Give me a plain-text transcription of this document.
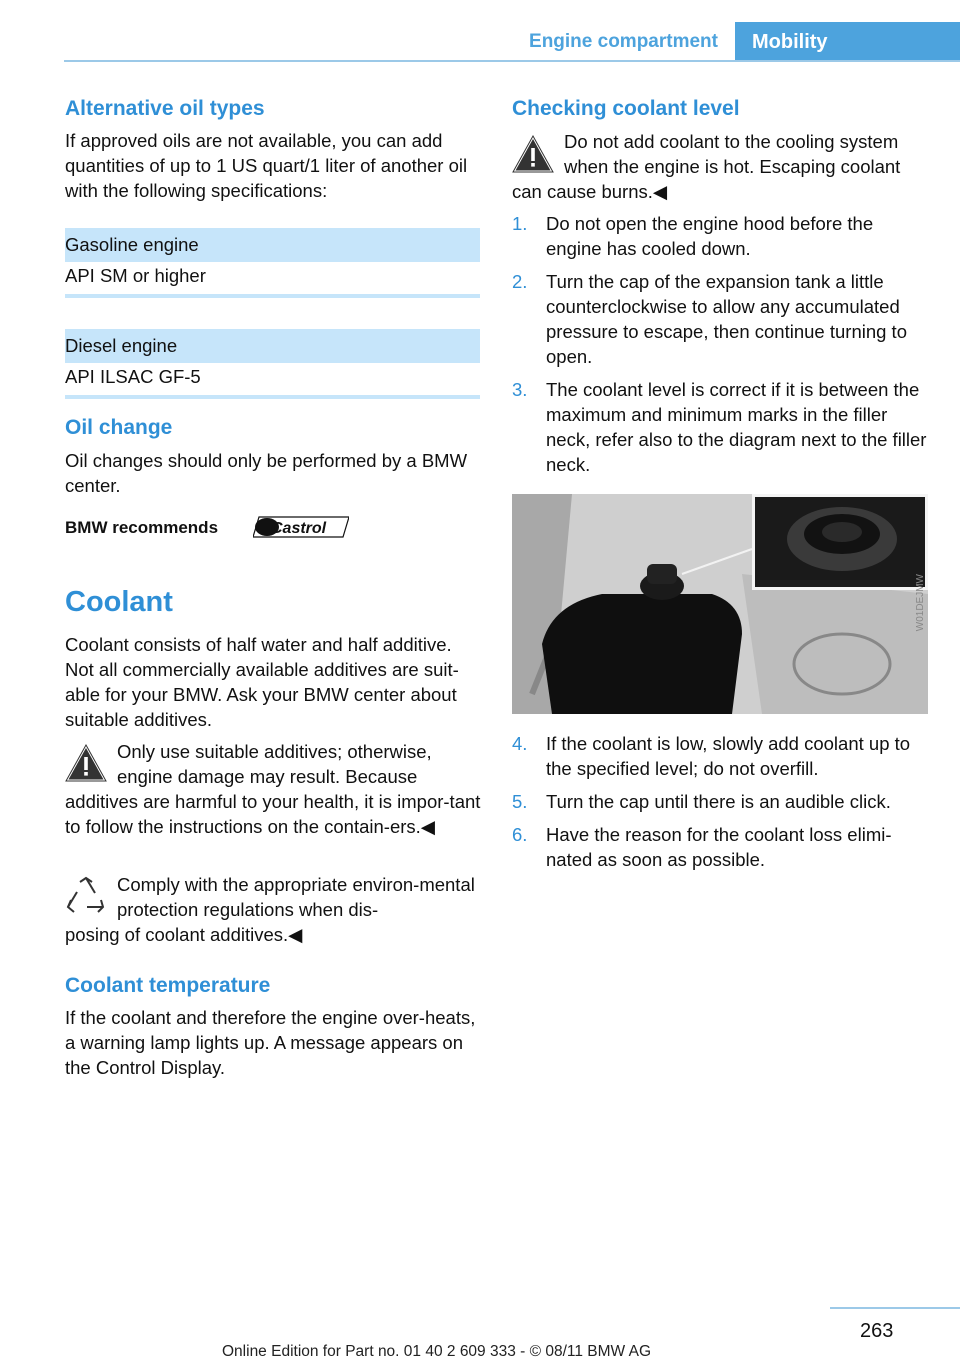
Engine compartment	Mobility
Alternative oil types

If approved oils are not available, you can add quantities of up to 1 US quart/1 liter of another oil with the following specifications:

Gasoline engine
API SM or higher
Diesel engine
API ILSAC GF-5
Oil change

Oil changes should only be performed by a BMW center.

BMW recommends	Castrol
Coolant

Coolant consists of half water and half additive. Not all commercially available additives are suit-able for your BMW. Ask your BMW center about suitable additives.

Only use suitable additives; otherwise, engine damage may result. Because

additives are harmful to your health, it is impor-tant to follow the instructions on the contain-ers.◀

Comply with the appropriate environ-mental protection regulations when dis-

posing of coolant additives.◀

Coolant temperature

If the coolant and therefore the engine over-heats, a warning lamp lights up. A message appears on the Control Display.

Checking coolant level

Do not add coolant to the cooling system when the engine is hot. Escaping coolant

can cause burns.◀

1. Do not open the engine hood before the engine has cooled down.
2. Turn the cap of the expansion tank a little counterclockwise to allow any accumulated pressure to escape, then continue turning to open.
3. The coolant level is correct if it is between the maximum and minimum marks in the filler neck, refer also to the diagram next to the filler neck.
W01DEJMW
4. If the coolant is low, slowly add coolant up to the specified level; do not overfill.
5. Turn the cap until there is an audible click.
6. Have the reason for the coolant loss elimi-nated as soon as possible.
263
Online Edition for Part no. 01 40 2 609 333 - © 08/11 BMW AG
